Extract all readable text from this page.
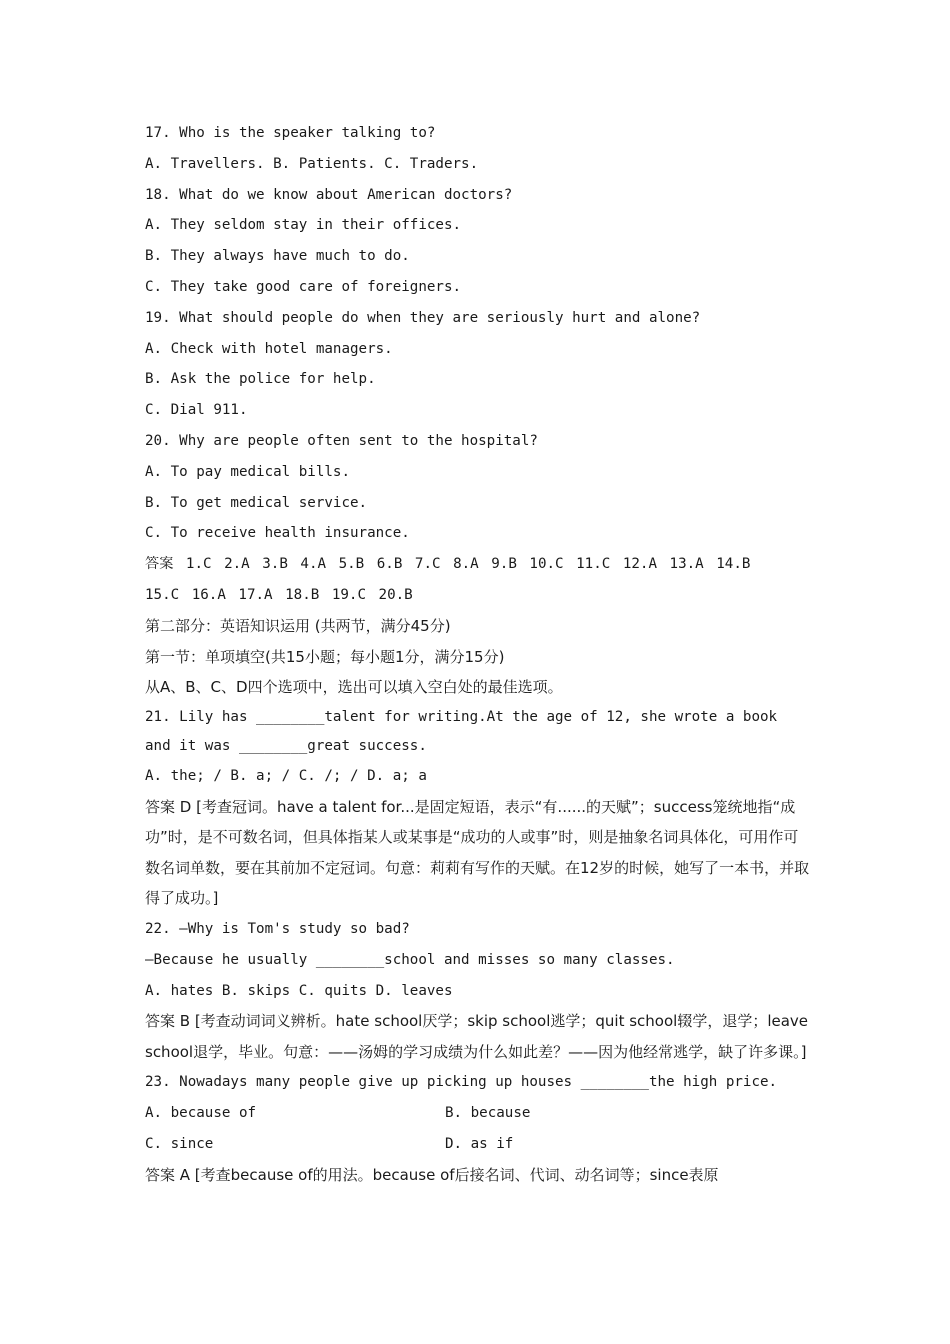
17. Who is the speaker talking to?
A. Travellers. B. Patients. C. Traders.
18. What do we know about American doctors?
A. They seldom stay in their offices.
B. They always have much to do.
C. They take good care of foreigners.
19. What should people do when they are seriously hurt and alone?
A. Check with hotel managers.
B. Ask the police for help.
C. Dial 911.
20. Why are people often sent to the hospital?
A. To pay medical bills.
B. To get medical service.
C. To receive health insurance.
答案 1.C 2.A 3.B 4.A 5.B 6.B 7.C 8.A 9.B 10.C 11.C 12.A 13.A 14.B
15.C 16.A 17.A 18.B 19.C 20.B
第二部分：英语知识运用 (共两节，满分45分)
第一节：单项填空(共15小题；每小题1分，满分15分)
从A、B、C、D四个选项中，选出可以填入空白处的最佳选项。
21. Lily has ________talent for writing.At the age of 12, she wrote a book and it was ________great success.
A. the; / B. a; / C. /; / D. a; a
答案 D [考查冠词。have a talent for...是固定短语，表示“有......的天赋”；success笼统地指“成功”时，是不可数名词，但具体指某人或某事是“成功的人或事”时，则是抽象名词具体化，可用作可数名词单数，要在其前加不定冠词。句意：莉莉有写作的天赋。在12岁的时候，她写了一本书，并取得了成功。]
22. —Why is Tom's study so bad?
—Because he usually ________school and misses so many classes.
A. hates B. skips C. quits D. leaves
答案 B [考查动词词义辨析。hate school厌学；skip school逃学；quit school辍学，退学；leave school退学，毕业。句意：——汤姆的学习成绩为什么如此差？——因为他经常逃学，缺了许多课。]
23. Nowadays many people give up picking up houses ________the high price.
A. because of	B. because
C. since	D. as if
答案 A [考查because of的用法。because of后接名词、代词、动名词等；since表原
